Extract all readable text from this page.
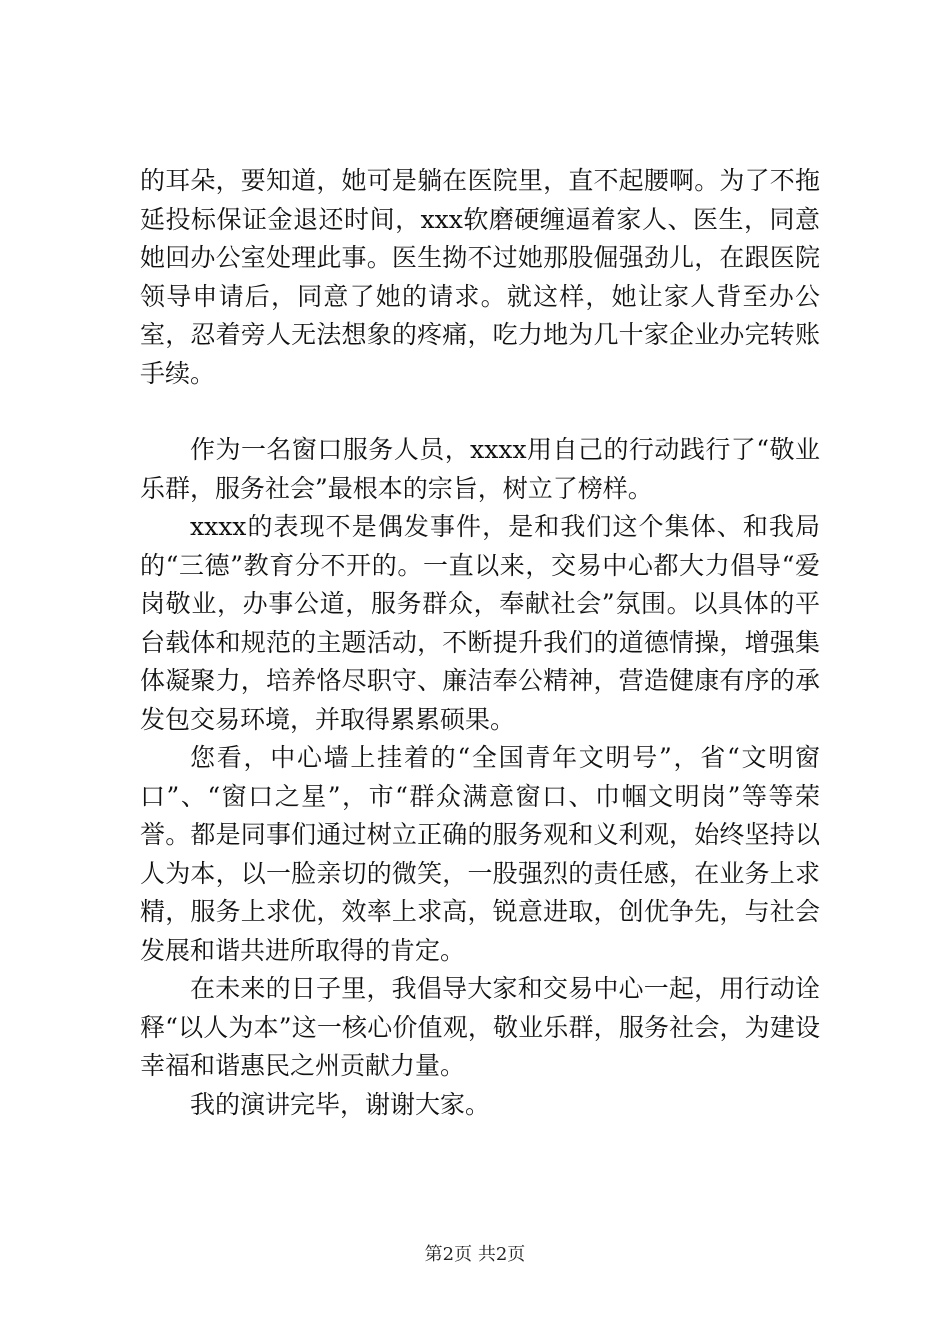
的耳朵，要知道，她可是躺在医院里，直不起腰啊。为了不拖延投标保证金退还时间，xxx软磨硬缠逼着家人、医生，同意她回办公室处理此事。医生拗不过她那股倔强劲儿，在跟医院领导申请后，同意了她的请求。就这样，她让家人背至办公室，忍着旁人无法想象的疼痛，吃力地为几十家企业办完转账手续。

作为一名窗口服务人员，xxxx用自己的行动践行了“敬业乐群，服务社会”最根本的宗旨，树立了榜样。

xxxx的表现不是偶发事件，是和我们这个集体、和我局的“三德”教育分不开的。一直以来，交易中心都大力倡导“爱岗敬业，办事公道，服务群众，奉献社会”氛围。以具体的平台载体和规范的主题活动，不断提升我们的道德情操，增强集体凝聚力，培养恪尽职守、廉洁奉公精神，营造健康有序的承发包交易环境，并取得累累硕果。

您看，中心墙上挂着的“全国青年文明号”，省“文明窗口”、“窗口之星”，市“群众满意窗口、巾帼文明岗”等等荣誉。都是同事们通过树立正确的服务观和义利观，始终坚持以人为本，以一脸亲切的微笑，一股强烈的责任感，在业务上求精，服务上求优，效率上求高，锐意进取，创优争先，与社会发展和谐共进所取得的肯定。

在未来的日子里，我倡导大家和交易中心一起，用行动诠释“以人为本”这一核心价值观，敬业乐群，服务社会，为建设幸福和谐惠民之州贡献力量。

我的演讲完毕，谢谢大家。

第2页 共2页
